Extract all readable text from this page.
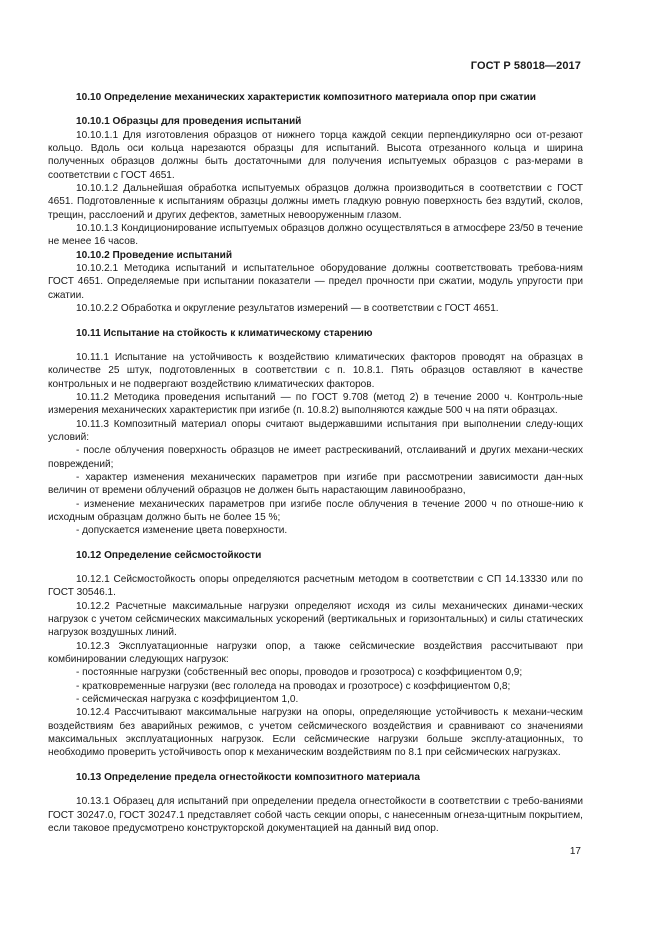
ГОСТ Р 58018—2017

10.10 Определение механических характеристик композитного материала опор при сжатии

10.10.1 Образцы для проведения испытаний

10.10.1.1 Для изготовления образцов от нижнего торца каждой секции перпендикулярно оси от-резают кольцо. Вдоль оси кольца нарезаются образцы для испытаний. Высота отрезанного кольца и ширина полученных образцов должны быть достаточными для получения испытуемых образцов с раз-мерами в соответствии с ГОСТ 4651.

10.10.1.2 Дальнейшая обработка испытуемых образцов должна производиться в соответствии с ГОСТ 4651. Подготовленные к испытаниям образцы должны иметь гладкую ровную поверхность без вздутий, сколов, трещин, расслоений и других дефектов, заметных невооруженным глазом.

10.10.1.3 Кондиционирование испытуемых образцов должно осуществляться в атмосфере 23/50 в течение не менее 16 часов.

10.10.2 Проведение испытаний

10.10.2.1 Методика испытаний и испытательное оборудование должны соответствовать требова-ниям ГОСТ 4651. Определяемые при испытании показатели — предел прочности при сжатии, модуль упругости при сжатии.

10.10.2.2 Обработка и округление результатов измерений — в соответствии с ГОСТ 4651.

10.11 Испытание на стойкость к климатическому старению

10.11.1 Испытание на устойчивость к воздействию климатических факторов проводят на образцах в количестве 25 штук, подготовленных в соответствии с п. 10.8.1. Пять образцов оставляют в качестве контрольных и не подвергают воздействию климатических факторов.

10.11.2 Методика проведения испытаний — по ГОСТ 9.708 (метод 2) в течение 2000 ч. Контроль-ные измерения механических характеристик при изгибе (п. 10.8.2) выполняются каждые 500 ч на пяти образцах.

10.11.3 Композитный материал опоры считают выдержавшими испытания при выполнении следу-ющих условий:

- после облучения поверхность образцов не имеет растрескиваний, отслаиваний и других механи-ческих повреждений;

- характер изменения механических параметров при изгибе при рассмотрении зависимости дан-ных величин от времени облучений образцов не должен быть нарастающим лавинообразно,

- изменение механических параметров при изгибе после облучения в течение 2000 ч по отноше-нию к исходным образцам должно быть не более 15 %;

- допускается изменение цвета поверхности.

10.12 Определение сейсмостойкости

10.12.1 Сейсмостойкость опоры определяются расчетным методом в соответствии с СП 14.13330 или по ГОСТ 30546.1.

10.12.2 Расчетные максимальные нагрузки определяют исходя из силы механических динами-ческих нагрузок с учетом сейсмических максимальных ускорений (вертикальных и горизонтальных) и силы статических нагрузок воздушных линий.

10.12.3 Эксплуатационные нагрузки опор, а также сейсмические воздействия рассчитывают при комбинировании следующих нагрузок:

- постоянные нагрузки (собственный вес опоры, проводов и грозотроса) с коэффициентом 0,9;

- кратковременные нагрузки (вес гололеда на проводах и грозотросе) с коэффициентом 0,8;

- сейсмическая нагрузка с коэффициентом 1,0.

10.12.4 Рассчитывают максимальные нагрузки на опоры, определяющие устойчивость к механи-ческим воздействиям без аварийных режимов, с учетом сейсмического воздействия и сравнивают со значениями максимальных эксплуатационных нагрузок. Если сейсмические нагрузки больше эксплу-атационных, то необходимо проверить устойчивость опор к механическим воздействиям по 8.1 при сейсмических нагрузках.

10.13 Определение предела огнестойкости композитного материала

10.13.1 Образец для испытаний при определении предела огнестойкости в соответствии с требо-ваниями ГОСТ 30247.0, ГОСТ 30247.1 представляет собой часть секции опоры, с нанесенным огнеза-щитным покрытием, если таковое предусмотрено конструкторской документацией на данный вид опор.

17
